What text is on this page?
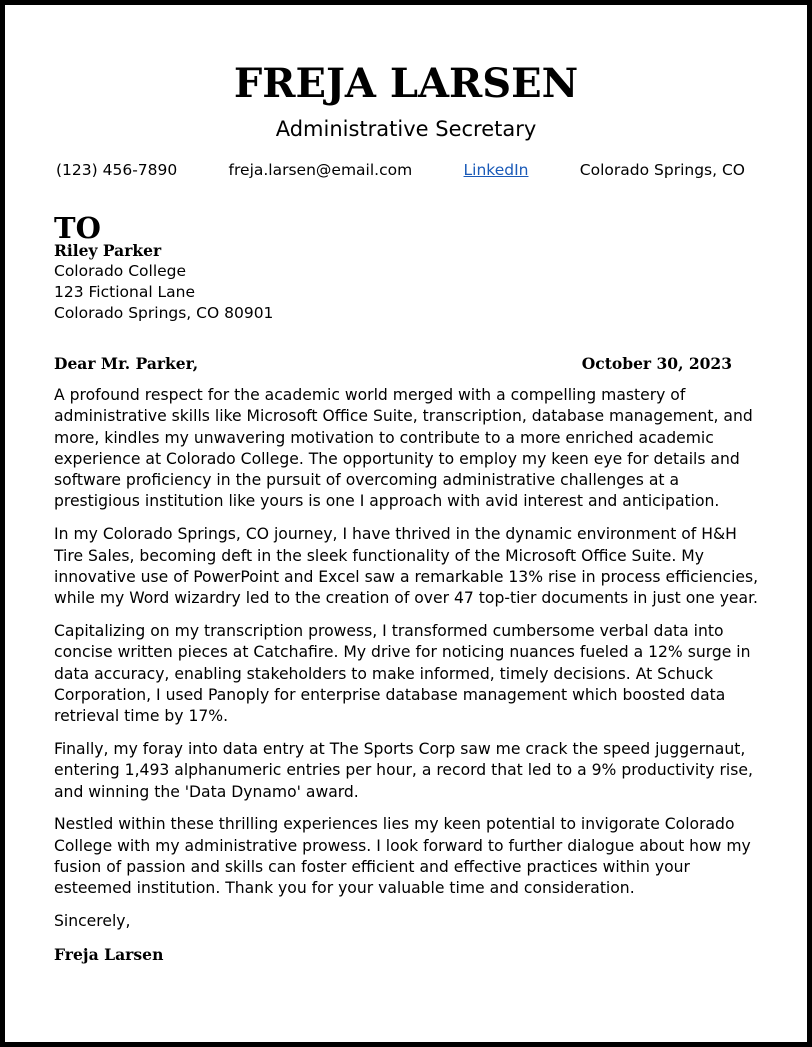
FREJA LARSEN
Administrative Secretary
(123) 456-7890	freja.larsen@email.com	LinkedIn	Colorado Springs, CO
TO
Riley Parker
Colorado College
123 Fictional Lane
Colorado Springs, CO 80901
Dear Mr. Parker,	October 30, 2023

A profound respect for the academic world merged with a compelling mastery of administrative skills like Microsoft Office Suite, transcription, database management, and more, kindles my unwavering motivation to contribute to a more enriched academic experience at Colorado College. The opportunity to employ my keen eye for details and software proficiency in the pursuit of overcoming administrative challenges at a prestigious institution like yours is one I approach with avid interest and anticipation.

In my Colorado Springs, CO journey, I have thrived in the dynamic environment of H&H Tire Sales, becoming deft in the sleek functionality of the Microsoft Office Suite. My innovative use of PowerPoint and Excel saw a remarkable 13% rise in process efficiencies, while my Word wizardry led to the creation of over 47 top-tier documents in just one year.

Capitalizing on my transcription prowess, I transformed cumbersome verbal data into concise written pieces at Catchafire. My drive for noticing nuances fueled a 12% surge in data accuracy, enabling stakeholders to make informed, timely decisions. At Schuck Corporation, I used Panoply for enterprise database management which boosted data retrieval time by 17%.

Finally, my foray into data entry at The Sports Corp saw me crack the speed juggernaut, entering 1,493 alphanumeric entries per hour, a record that led to a 9% productivity rise, and winning the 'Data Dynamo' award.

Nestled within these thrilling experiences lies my keen potential to invigorate Colorado College with my administrative prowess. I look forward to further dialogue about how my fusion of passion and skills can foster efficient and effective practices within your esteemed institution. Thank you for your valuable time and consideration.

Sincerely,

Freja Larsen
